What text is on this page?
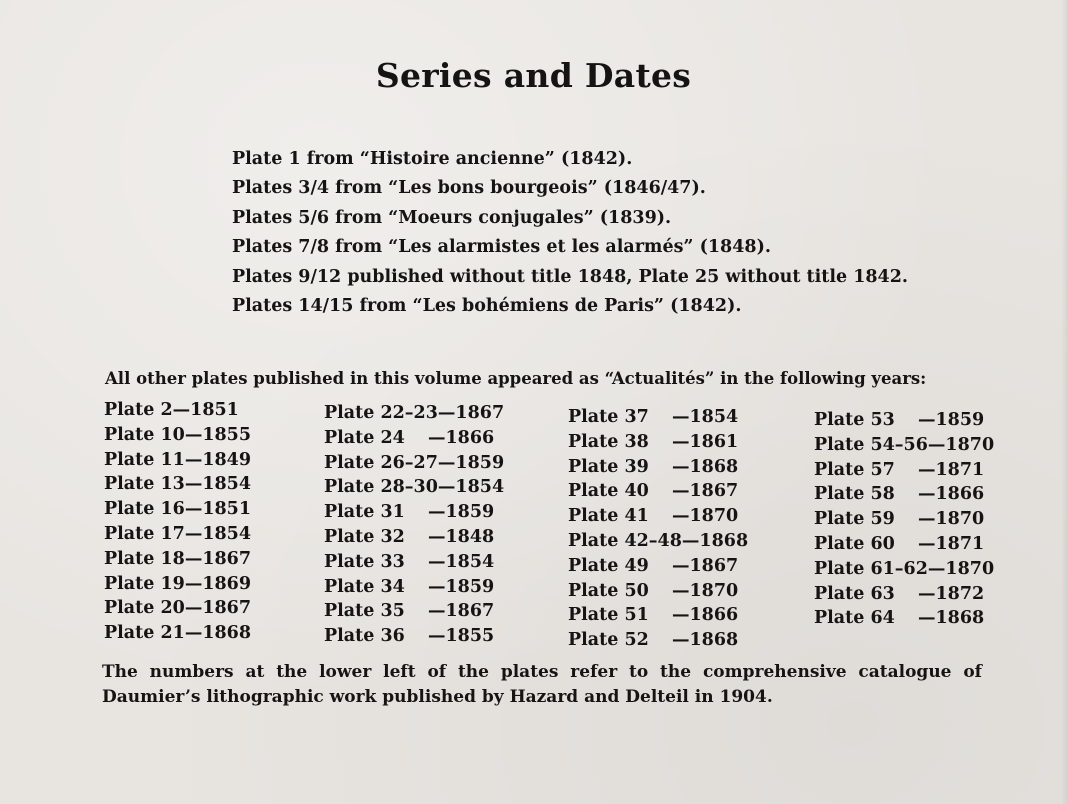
Series and Dates
Plate 1 from “Histoire ancienne” (1842).
Plates 3/4 from “Les bons bourgeois” (1846/47).
Plates 5/6 from “Moeurs conjugales” (1839).
Plates 7/8 from “Les alarmistes et les alarmés” (1848).
Plates 9/12 published without title 1848, Plate 25 without title 1842.
Plates 14/15 from “Les bohémiens de Paris” (1842).

All other plates published in this volume appeared as “Actualités” in the following years:

Plate 2—1851
Plate 10—1855
Plate 11—1849
Plate 13—1854
Plate 16—1851
Plate 17—1854
Plate 18—1867
Plate 19—1869
Plate 20—1867
Plate 21—1868
Plate 22–23—1867
Plate 24 —1866
Plate 26–27—1859
Plate 28–30—1854
Plate 31 —1859
Plate 32 —1848
Plate 33 —1854
Plate 34 —1859
Plate 35 —1867
Plate 36 —1855
Plate 37 —1854
Plate 38 —1861
Plate 39 —1868
Plate 40 —1867
Plate 41 —1870
Plate 42–48—1868
Plate 49 —1867
Plate 50 —1870
Plate 51 —1866
Plate 52 —1868
Plate 53 —1859
Plate 54–56—1870
Plate 57 —1871
Plate 58 —1866
Plate 59 —1870
Plate 60 —1871
Plate 61–62—1870
Plate 63 —1872
Plate 64 —1868

The numbers at the lower left of the plates refer to the comprehensive catalogue of
Daumier’s lithographic work published by Hazard and Delteil in 1904.
